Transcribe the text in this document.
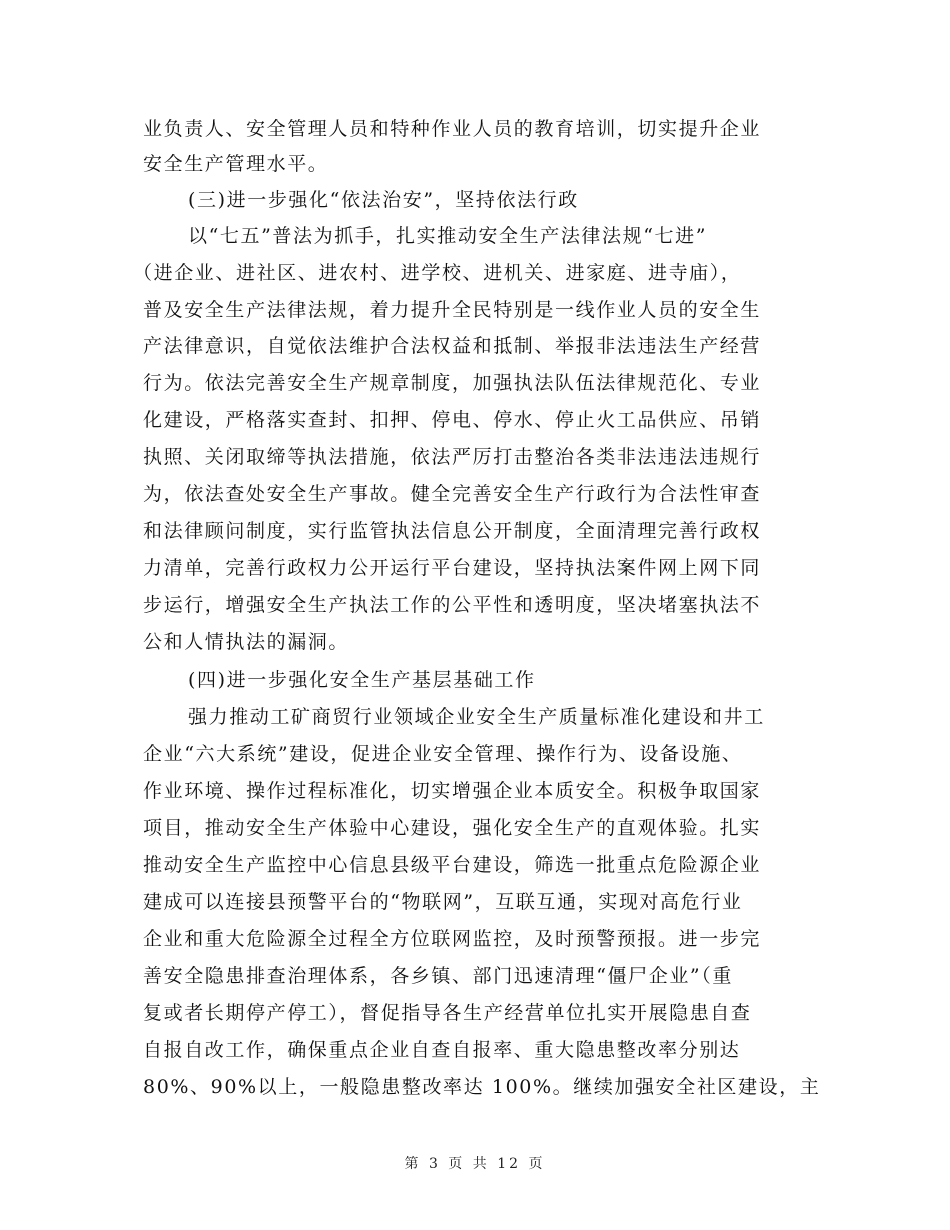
业负责人、安全管理人员和特种作业人员的教育培训，切实提升企业
安全生产管理水平。
(三)进一步强化“依法治安”，坚持依法行政
以“七五”普法为抓手，扎实推动安全生产法律法规“七进”
（进企业、进社区、进农村、进学校、进机关、进家庭、进寺庙），
普及安全生产法律法规，着力提升全民特别是一线作业人员的安全生
产法律意识，自觉依法维护合法权益和抵制、举报非法违法生产经营
行为。依法完善安全生产规章制度，加强执法队伍法律规范化、专业
化建设，严格落实查封、扣押、停电、停水、停止火工品供应、吊销
执照、关闭取缔等执法措施，依法严厉打击整治各类非法违法违规行
为，依法查处安全生产事故。健全完善安全生产行政行为合法性审查
和法律顾问制度，实行监管执法信息公开制度，全面清理完善行政权
力清单，完善行政权力公开运行平台建设，坚持执法案件网上网下同
步运行，增强安全生产执法工作的公平性和透明度，坚决堵塞执法不
公和人情执法的漏洞。
(四)进一步强化安全生产基层基础工作
强力推动工矿商贸行业领域企业安全生产质量标准化建设和井工
企业“六大系统”建设，促进企业安全管理、操作行为、设备设施、
作业环境、操作过程标准化，切实增强企业本质安全。积极争取国家
项目，推动安全生产体验中心建设，强化安全生产的直观体验。扎实
推动安全生产监控中心信息县级平台建设，筛选一批重点危险源企业
建成可以连接县预警平台的“物联网”，互联互通，实现对高危行业
企业和重大危险源全过程全方位联网监控，及时预警预报。进一步完
善安全隐患排查治理体系，各乡镇、部门迅速清理“僵尸企业”（重
复或者长期停产停工），督促指导各生产经营单位扎实开展隐患自查
自报自改工作，确保重点企业自查自报率、重大隐患整改率分别达
80%、90%以上，一般隐患整改率达 100%。继续加强安全社区建设，主
第 3 页 共 12 页
